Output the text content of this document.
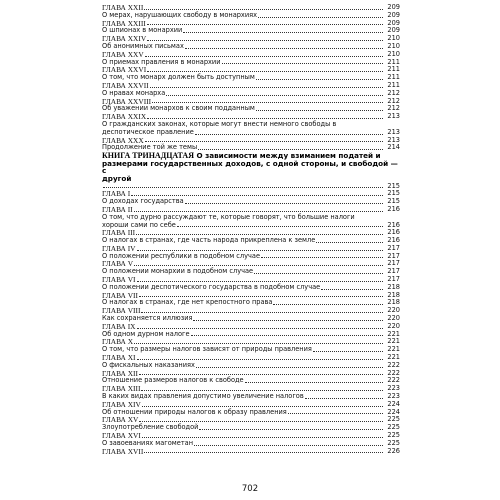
ГЛАВА XXII	209
О мерах, нарушающих свободу в монархиях	209
ГЛАВА XXIII	209
О шпионах в монархии	209
ГЛАВА XXIV	210
Об анонимных письмах	210
ГЛАВА XXV	210
О приемах правления в монархии	211
ГЛАВА XXVI	211
О том, что монарх должен быть доступным	211
ГЛАВА XXVII	211
О нравах монарха	212
ГЛАВА XXVIII	212
Об уважении монархов к своим подданным	212
ГЛАВА XXIX	213
О гражданских законах, которые могут внести немного свободы в
деспотическое правление	213
ГЛАВА XXX	213
Продолжение той же темы	214
КНИГА ТРИНАДЦАТАЯ О зависимости между взиманием податей и
размерами государственных доходов, с одной стороны, и свободой — с
другой
215
ГЛАВА I	215
О доходах государства	215
ГЛАВА II	216
О том, что дурно рассуждают те, которые говорят, что большие налоги
хороши сами по себе	216
ГЛАВА III	216
О налогах в странах, где часть народа прикреплена к земле	216
ГЛАВА IV	217
О положении республики в подобном случае	217
ГЛАВА V	217
О положении монархии в подобном случае	217
ГЛАВА VI	217
О положении деспотического государства в подобном случае	218
ГЛАВА VII	218
О налогах в странах, где нет крепостного права	218
ГЛАВА VIII	220
Как сохраняется иллюзия	220
ГЛАВА IX	220
Об одном дурном налоге	221
ГЛАВА X	221
О том, что размеры налогов зависят от природы правления	221
ГЛАВА XI	221
О фискальных наказаниях	222
ГЛАВА XII	222
Отношение размеров налогов к свободе	222
ГЛАВА XIII	223
В каких видах правления допустимо увеличение налогов	223
ГЛАВА XIV	224
Об отношении природы налогов к образу правления	224
ГЛАВА XV	225
Злоупотребление свободой	225
ГЛАВА XVI	225
О завоеваниях магометан	225
ГЛАВА XVII	226
702
